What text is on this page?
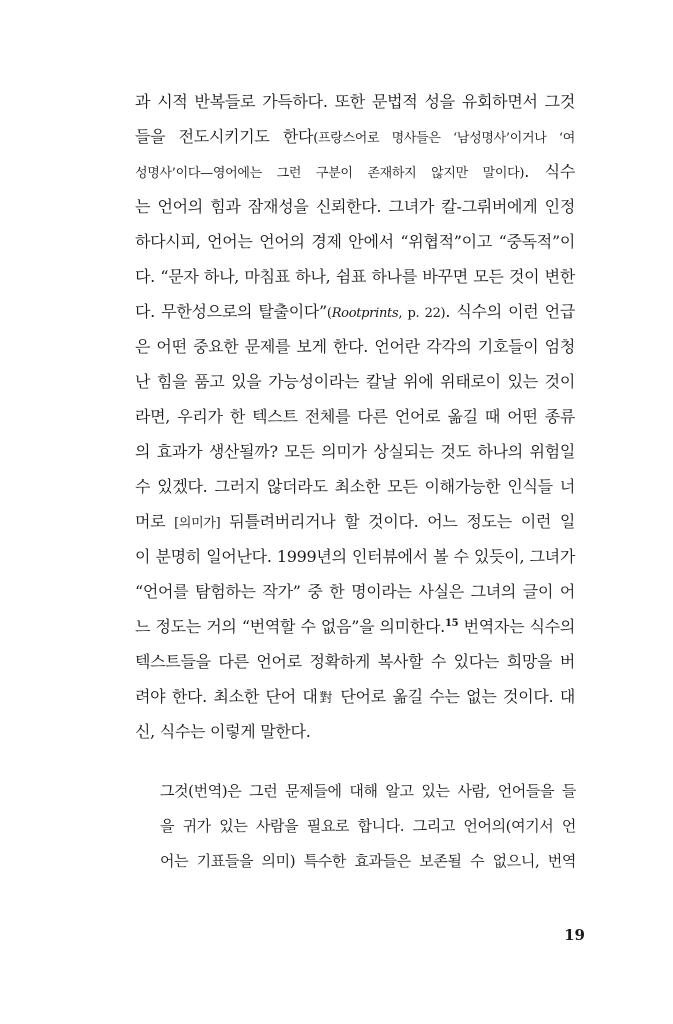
과 시적 반복들로 가득하다. 또한 문법적 성을 유회하면서 그것
들을 전도시키기도 한다(프랑스어로 명사들은 ‘남성명사’이거나 ‘여
성명사’이다—영어에는 그런 구분이 존재하지 않지만 말이다). 식수
는 언어의 힘과 잠재성을 신뢰한다. 그녀가 칼-그뤼버에게 인정
하다시피, 언어는 언어의 경제 안에서 “위협적”이고 “중독적”이
다. “문자 하나, 마침표 하나, 쉼표 하나를 바꾸면 모든 것이 변한
다. 무한성으로의 탈출이다”(Rootprints, p. 22). 식수의 이런 언급
은 어떤 중요한 문제를 보게 한다. 언어란 각각의 기호들이 엄청
난 힘을 품고 있을 가능성이라는 칼날 위에 위태로이 있는 것이
라면, 우리가 한 텍스트 전체를 다른 언어로 옮길 때 어떤 종류
의 효과가 생산될까? 모든 의미가 상실되는 것도 하나의 위험일
수 있겠다. 그러지 않더라도 최소한 모든 이해가능한 인식들 너
머로 [의미가] 뒤틀려버리거나 할 것이다. 어느 정도는 이런 일
이 분명히 일어난다. 1999년의 인터뷰에서 볼 수 있듯이, 그녀가
“언어를 탐험하는 작가” 중 한 명이라는 사실은 그녀의 글이 어
느 정도는 거의 “번역할 수 없음”을 의미한다.$^{15}$ 번역자는 식수의
텍스트들을 다른 언어로 정확하게 복사할 수 있다는 희망을 버
려야 한다. 최소한 단어 대對 단어로 옮길 수는 없는 것이다. 대
신, 식수는 이렇게 말한다.
그것(번역)은 그런 문제들에 대해 알고 있는 사람, 언어들을 들
을 귀가 있는 사람을 필요로 합니다. 그리고 언어의(여기서 언
어는 기표들을 의미) 특수한 효과들은 보존될 수 없으니, 번역
19
